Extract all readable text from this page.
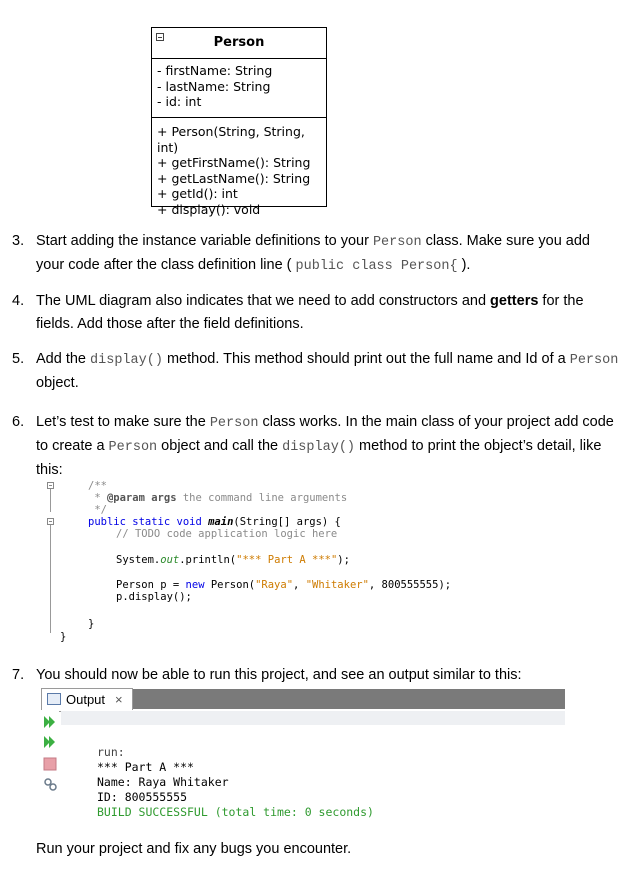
Person
- firstName: String
- lastName: String
- id: int
+ Person(String, String, int)
+ getFirstName(): String
+ getLastName(): String
+ getId(): int
+ display(): void
3. Start adding the instance variable definitions to your Person class. Make sure you add your code after the class definition line ( public class Person{ ).
4. The UML diagram also indicates that we need to add constructors and getters for the fields. Add those after the field definitions.
5. Add the display() method. This method should print out the full name and Id of a Person object.
6. Let’s test to make sure the Person class works. In the main class of your project add code to create a Person object and call the display() method to print the object’s detail, like this:
/**
* @param args the command line arguments
*/
public static void main(String[] args) {
// TODO code application logic here
System.out.println("*** Part A ***");
Person p = new Person("Raya", "Whitaker", 800555555);
p.display();
}
}
7. You should now be able to run this project, and see an output similar to this:
Output ×
run:
*** Part A ***
Name: Raya Whitaker
ID: 800555555
BUILD SUCCESSFUL (total time: 0 seconds)
Run your project and fix any bugs you encounter.
